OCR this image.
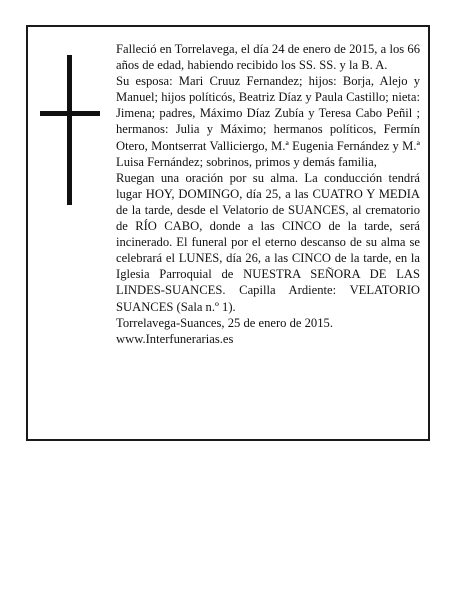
Falleció en Torrelavega, el día 24 de enero de 2015, a los 66 años de edad, habiendo recibido los SS. SS. y la B. A.

Su esposa: Mari Cruuz Fernandez; hijos: Borja, Alejo y Manuel; hijos políticós, Beatriz Díaz y Paula Castillo; nieta: Jimena; padres, Máximo Díaz Zubía y Teresa Cabo Peñil ; hermanos: Julia y Máximo; hermanos políticos, Fermín Otero, Montserrat Valliciergo, M.ª Eugenia Fernández y M.ª Luisa Fernández; sobrinos, primos y demás familia,

Ruegan una oración por su alma. La conducción tendrá lugar HOY, DOMINGO, día 25, a las CUATRO Y MEDIA de la tarde, desde el Velatorio de SUANCES, al crematorio de RÍO CABO, donde a las CINCO de la tarde, será incinerado. El funeral por el eterno descanso de su alma se celebrará el LUNES, día 26, a las CINCO de la tarde, en la Iglesia Parroquial de NUESTRA SEÑORA DE LAS LINDES-SUANCES. Capilla Ardiente: VELATORIO SUANCES (Sala n.º 1).

Torrelavega-Suances, 25 de enero de 2015.

www.Interfunerarias.es
